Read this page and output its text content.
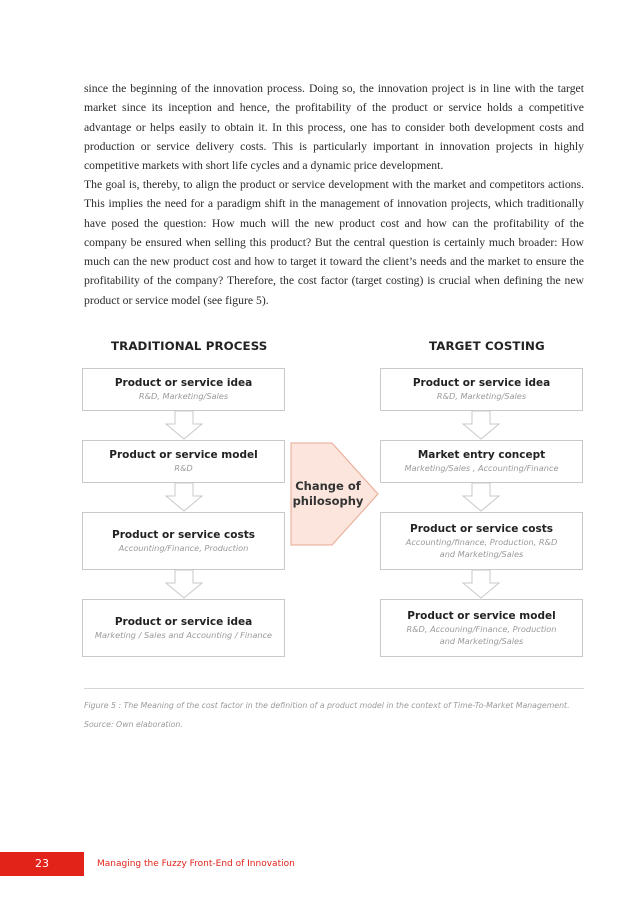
since the beginning of the innovation process. Doing so, the innovation project is in line with the target market since its inception and hence, the profitability of the product or service holds a competitive advantage or helps easily to obtain it. In this process, one has to consider both development costs and production or service delivery costs. This is particularly important in innovation projects in highly competitive markets with short life cycles and a dynamic price development.
The goal is, thereby, to align the product or service development with the market and competitors actions. This implies the need for a paradigm shift in the management of innovation projects, which traditionally have posed the question: How much will the new product cost and how can the profitability of the company be ensured when selling this product? But the central question is certainly much broader: How much can the new product cost and how to target it toward the client’s needs and the market to ensure the profitability of the company? Therefore, the cost factor (target costing) is crucial when defining the new product or service model (see figure 5).
TRADITIONAL PROCESS	TARGET COSTING
Product or service idea
R&D, Marketing/Sales
Product or service model
R&D
Product or service costs
Accounting/Finance, Production
Product or service idea
Marketing / Sales and Accounting / Finance
Product or service idea
R&D, Marketing/Sales
Market entry concept
Marketing/Sales , Accounting/Finance
Product or service costs
Accounting/finance, Production, R&D
and Marketing/Sales
Product or service model
R&D, Accouning/Finance, Production
and Marketing/Sales
Change of
philosophy
Figure 5 : The Meaning of the cost factor in the definition of a product model in the context of Time-To-Market Management. Source: Own elaboration.
23	Managing the Fuzzy Front-End of Innovation
